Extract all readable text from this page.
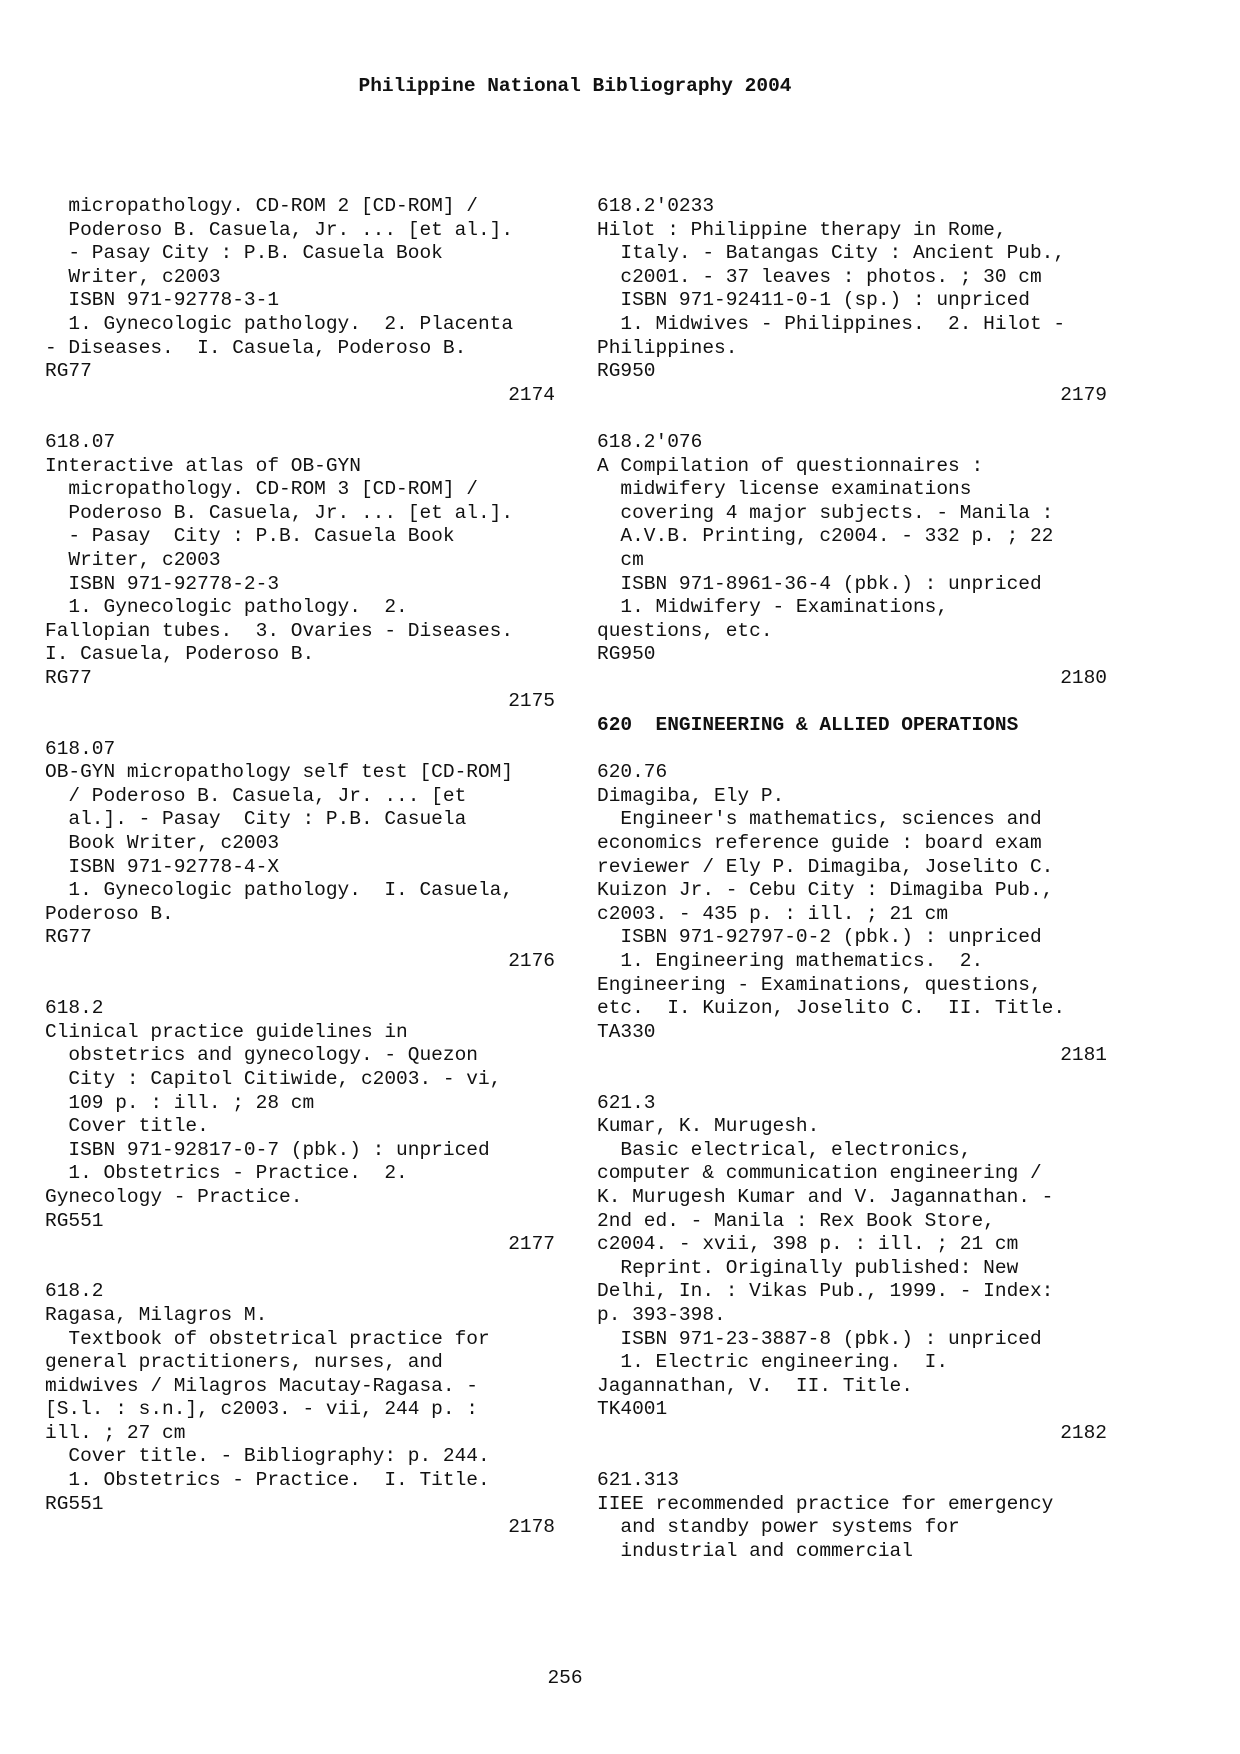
Philippine National Bibliography 2004
micropathology. CD-ROM 2 [CD-ROM] /
Poderoso B. Casuela, Jr. ... [et al.].
- Pasay City : P.B. Casuela Book
Writer, c2003
ISBN 971-92778-3-1
1. Gynecologic pathology.  2. Placenta
- Diseases.  I. Casuela, Poderoso B.
RG77
2174
618.07
Interactive atlas of OB-GYN
micropathology. CD-ROM 3 [CD-ROM] /
Poderoso B. Casuela, Jr. ... [et al.].
- Pasay  City : P.B. Casuela Book
Writer, c2003
ISBN 971-92778-2-3
1. Gynecologic pathology.  2.
Fallopian tubes.  3. Ovaries - Diseases.
I. Casuela, Poderoso B.
RG77
2175
618.07
OB-GYN micropathology self test [CD-ROM]
/ Poderoso B. Casuela, Jr. ... [et
al.]. - Pasay  City : P.B. Casuela
Book Writer, c2003
ISBN 971-92778-4-X
1. Gynecologic pathology.  I. Casuela,
Poderoso B.
RG77
2176
618.2
Clinical practice guidelines in
obstetrics and gynecology. - Quezon
City : Capitol Citiwide, c2003. - vi,
109 p. : ill. ; 28 cm
Cover title.
ISBN 971-92817-0-7 (pbk.) : unpriced
1. Obstetrics - Practice.  2.
Gynecology - Practice.
RG551
2177
618.2
Ragasa, Milagros M.
Textbook of obstetrical practice for
general practitioners, nurses, and
midwives / Milagros Macutay-Ragasa. -
[S.l. : s.n.], c2003. - vii, 244 p. :
ill. ; 27 cm
Cover title. - Bibliography: p. 244.
1. Obstetrics - Practice.  I. Title.
RG551
2178
618.2'0233
Hilot : Philippine therapy in Rome,
Italy. - Batangas City : Ancient Pub.,
c2001. - 37 leaves : photos. ; 30 cm
ISBN 971-92411-0-1 (sp.) : unpriced
1. Midwives - Philippines.  2. Hilot -
Philippines.
RG950
2179
618.2'076
A Compilation of questionnaires :
midwifery license examinations
covering 4 major subjects. - Manila :
A.V.B. Printing, c2004. - 332 p. ; 22
cm
ISBN 971-8961-36-4 (pbk.) : unpriced
1. Midwifery - Examinations,
questions, etc.
RG950
2180
620  ENGINEERING & ALLIED OPERATIONS
620.76
Dimagiba, Ely P.
Engineer's mathematics, sciences and
economics reference guide : board exam
reviewer / Ely P. Dimagiba, Joselito C.
Kuizon Jr. - Cebu City : Dimagiba Pub.,
c2003. - 435 p. : ill. ; 21 cm
ISBN 971-92797-0-2 (pbk.) : unpriced
1. Engineering mathematics.  2.
Engineering - Examinations, questions,
etc.  I. Kuizon, Joselito C.  II. Title.
TA330
2181
621.3
Kumar, K. Murugesh.
Basic electrical, electronics,
computer & communication engineering /
K. Murugesh Kumar and V. Jagannathan. -
2nd ed. - Manila : Rex Book Store,
c2004. - xvii, 398 p. : ill. ; 21 cm
Reprint. Originally published: New
Delhi, In. : Vikas Pub., 1999. - Index:
p. 393-398.
ISBN 971-23-3887-8 (pbk.) : unpriced
1. Electric engineering.  I.
Jagannathan, V.  II. Title.
TK4001
2182
621.313
IIEE recommended practice for emergency
and standby power systems for
industrial and commercial
256
